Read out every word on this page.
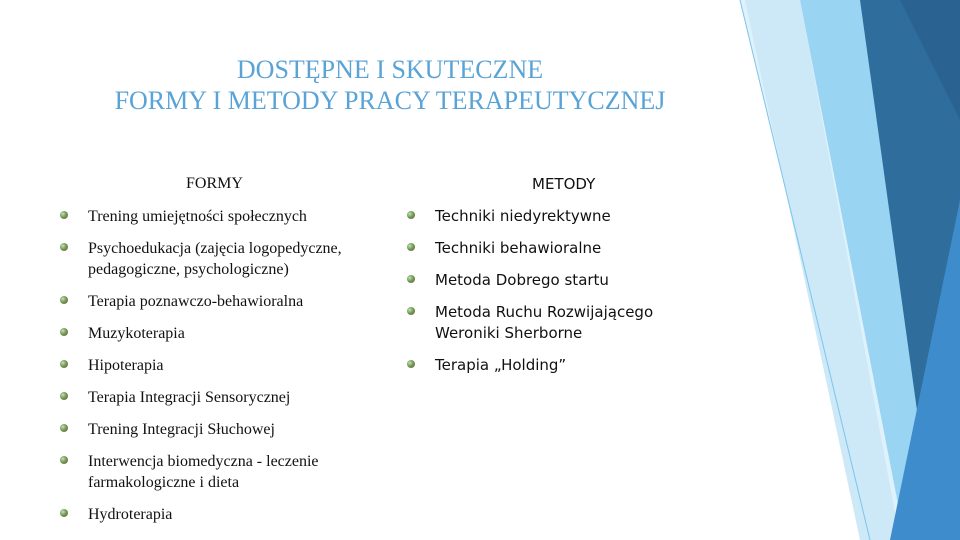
DOSTĘPNE I SKUTECZNE
FORMY I METODY PRACY TERAPEUTYCZNEJ
FORMY	METODY
Trening umiejętności społecznych
Psychoedukacja (zajęcia logopedyczne, pedagogiczne, psychologiczne)
Terapia poznawczo-behawioralna
Muzykoterapia
Hipoterapia
Terapia Integracji Sensorycznej
Trening Integracji Słuchowej
Interwencja biomedyczna - leczenie farmakologiczne i dieta
Hydroterapia
Techniki niedyrektywne
Techniki behawioralne
Metoda Dobrego startu
Metoda Ruchu Rozwijającego Weroniki Sherborne
Terapia „Holding”
